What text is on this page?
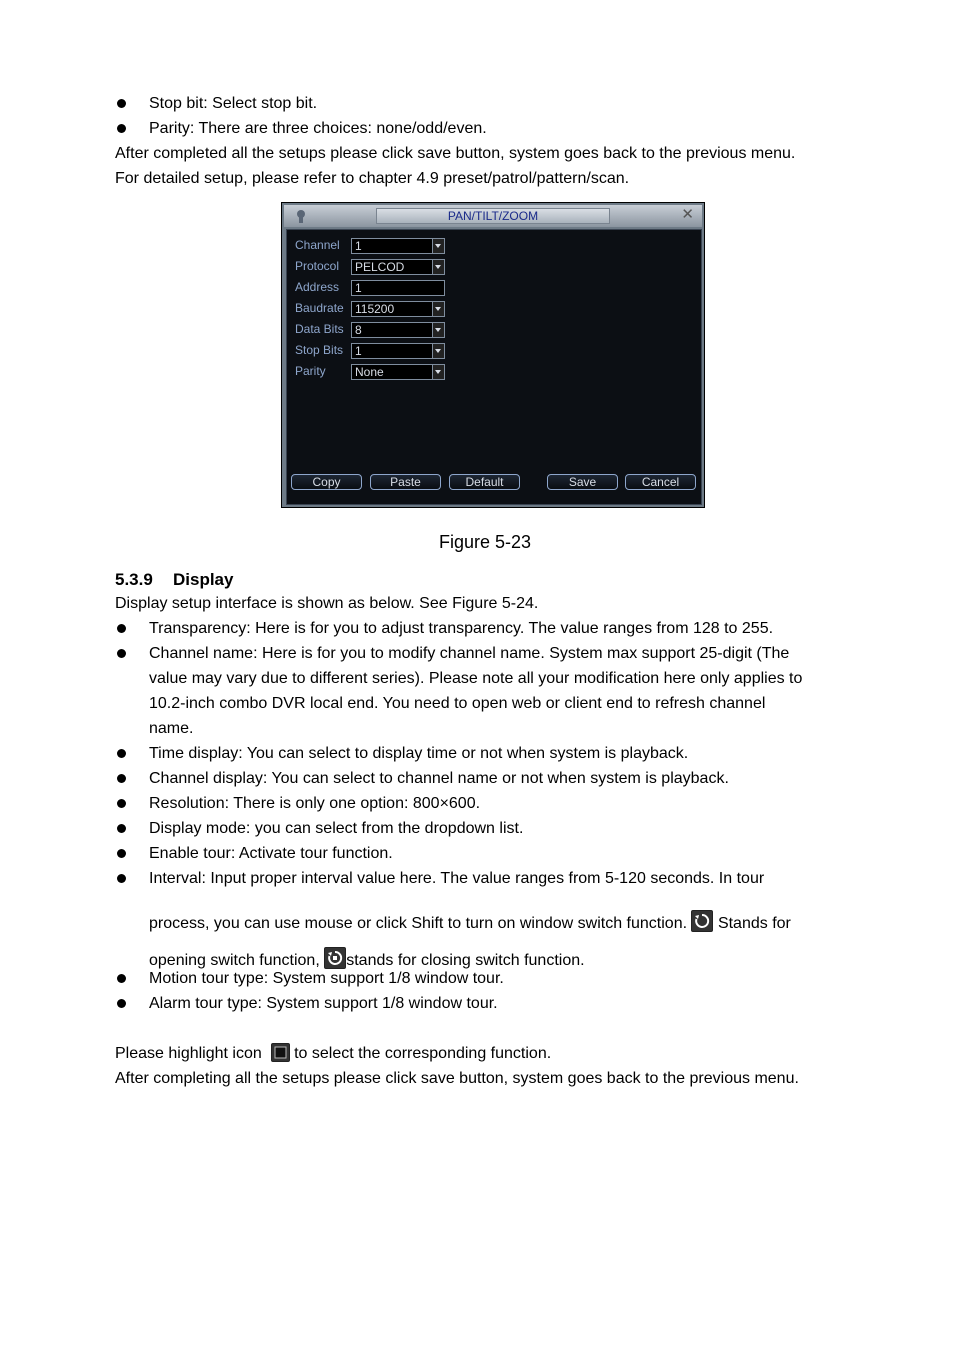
Stop bit: Select stop bit.
Parity: There are three choices: none/odd/even.
After completed all the setups please click save button, system goes back to the previous menu.
For detailed setup, please refer to chapter 4.9 preset/patrol/pattern/scan.
PAN/TILT/ZOOM	✕
Channel	1
Protocol	PELCOD
Address	1
Baudrate 115200
Data Bits 8
Stop Bits 1
Parity	None
Copy	Paste	Default	Save	Cancel
Figure 5-23
5.3.9 Display
Display setup interface is shown as below. See Figure 5-24.
Transparency: Here is for you to adjust transparency. The value ranges from 128 to 255.
Channel name: Here is for you to modify channel name. System max support 25-digit (The
value may vary due to different series). Please note all your modification here only applies to
10.2-inch combo DVR local end. You need to open web or client end to refresh channel
name.
Time display: You can select to display time or not when system is playback.
Channel display: You can select to channel name or not when system is playback.
Resolution: There is only one option: 800×600.
Display mode: you can select from the dropdown list.
Enable tour: Activate tour function.
Interval: Input proper interval value here. The value ranges from 5-120 seconds. In tour
process, you can use mouse or click Shift to turn on window switch function. Stands for
opening switch function, stands for closing switch function.
Motion tour type: System support 1/8 window tour.
Alarm tour type: System support 1/8 window tour.
Please highlight icon to select the corresponding function.
After completing all the setups please click save button, system goes back to the previous menu.
